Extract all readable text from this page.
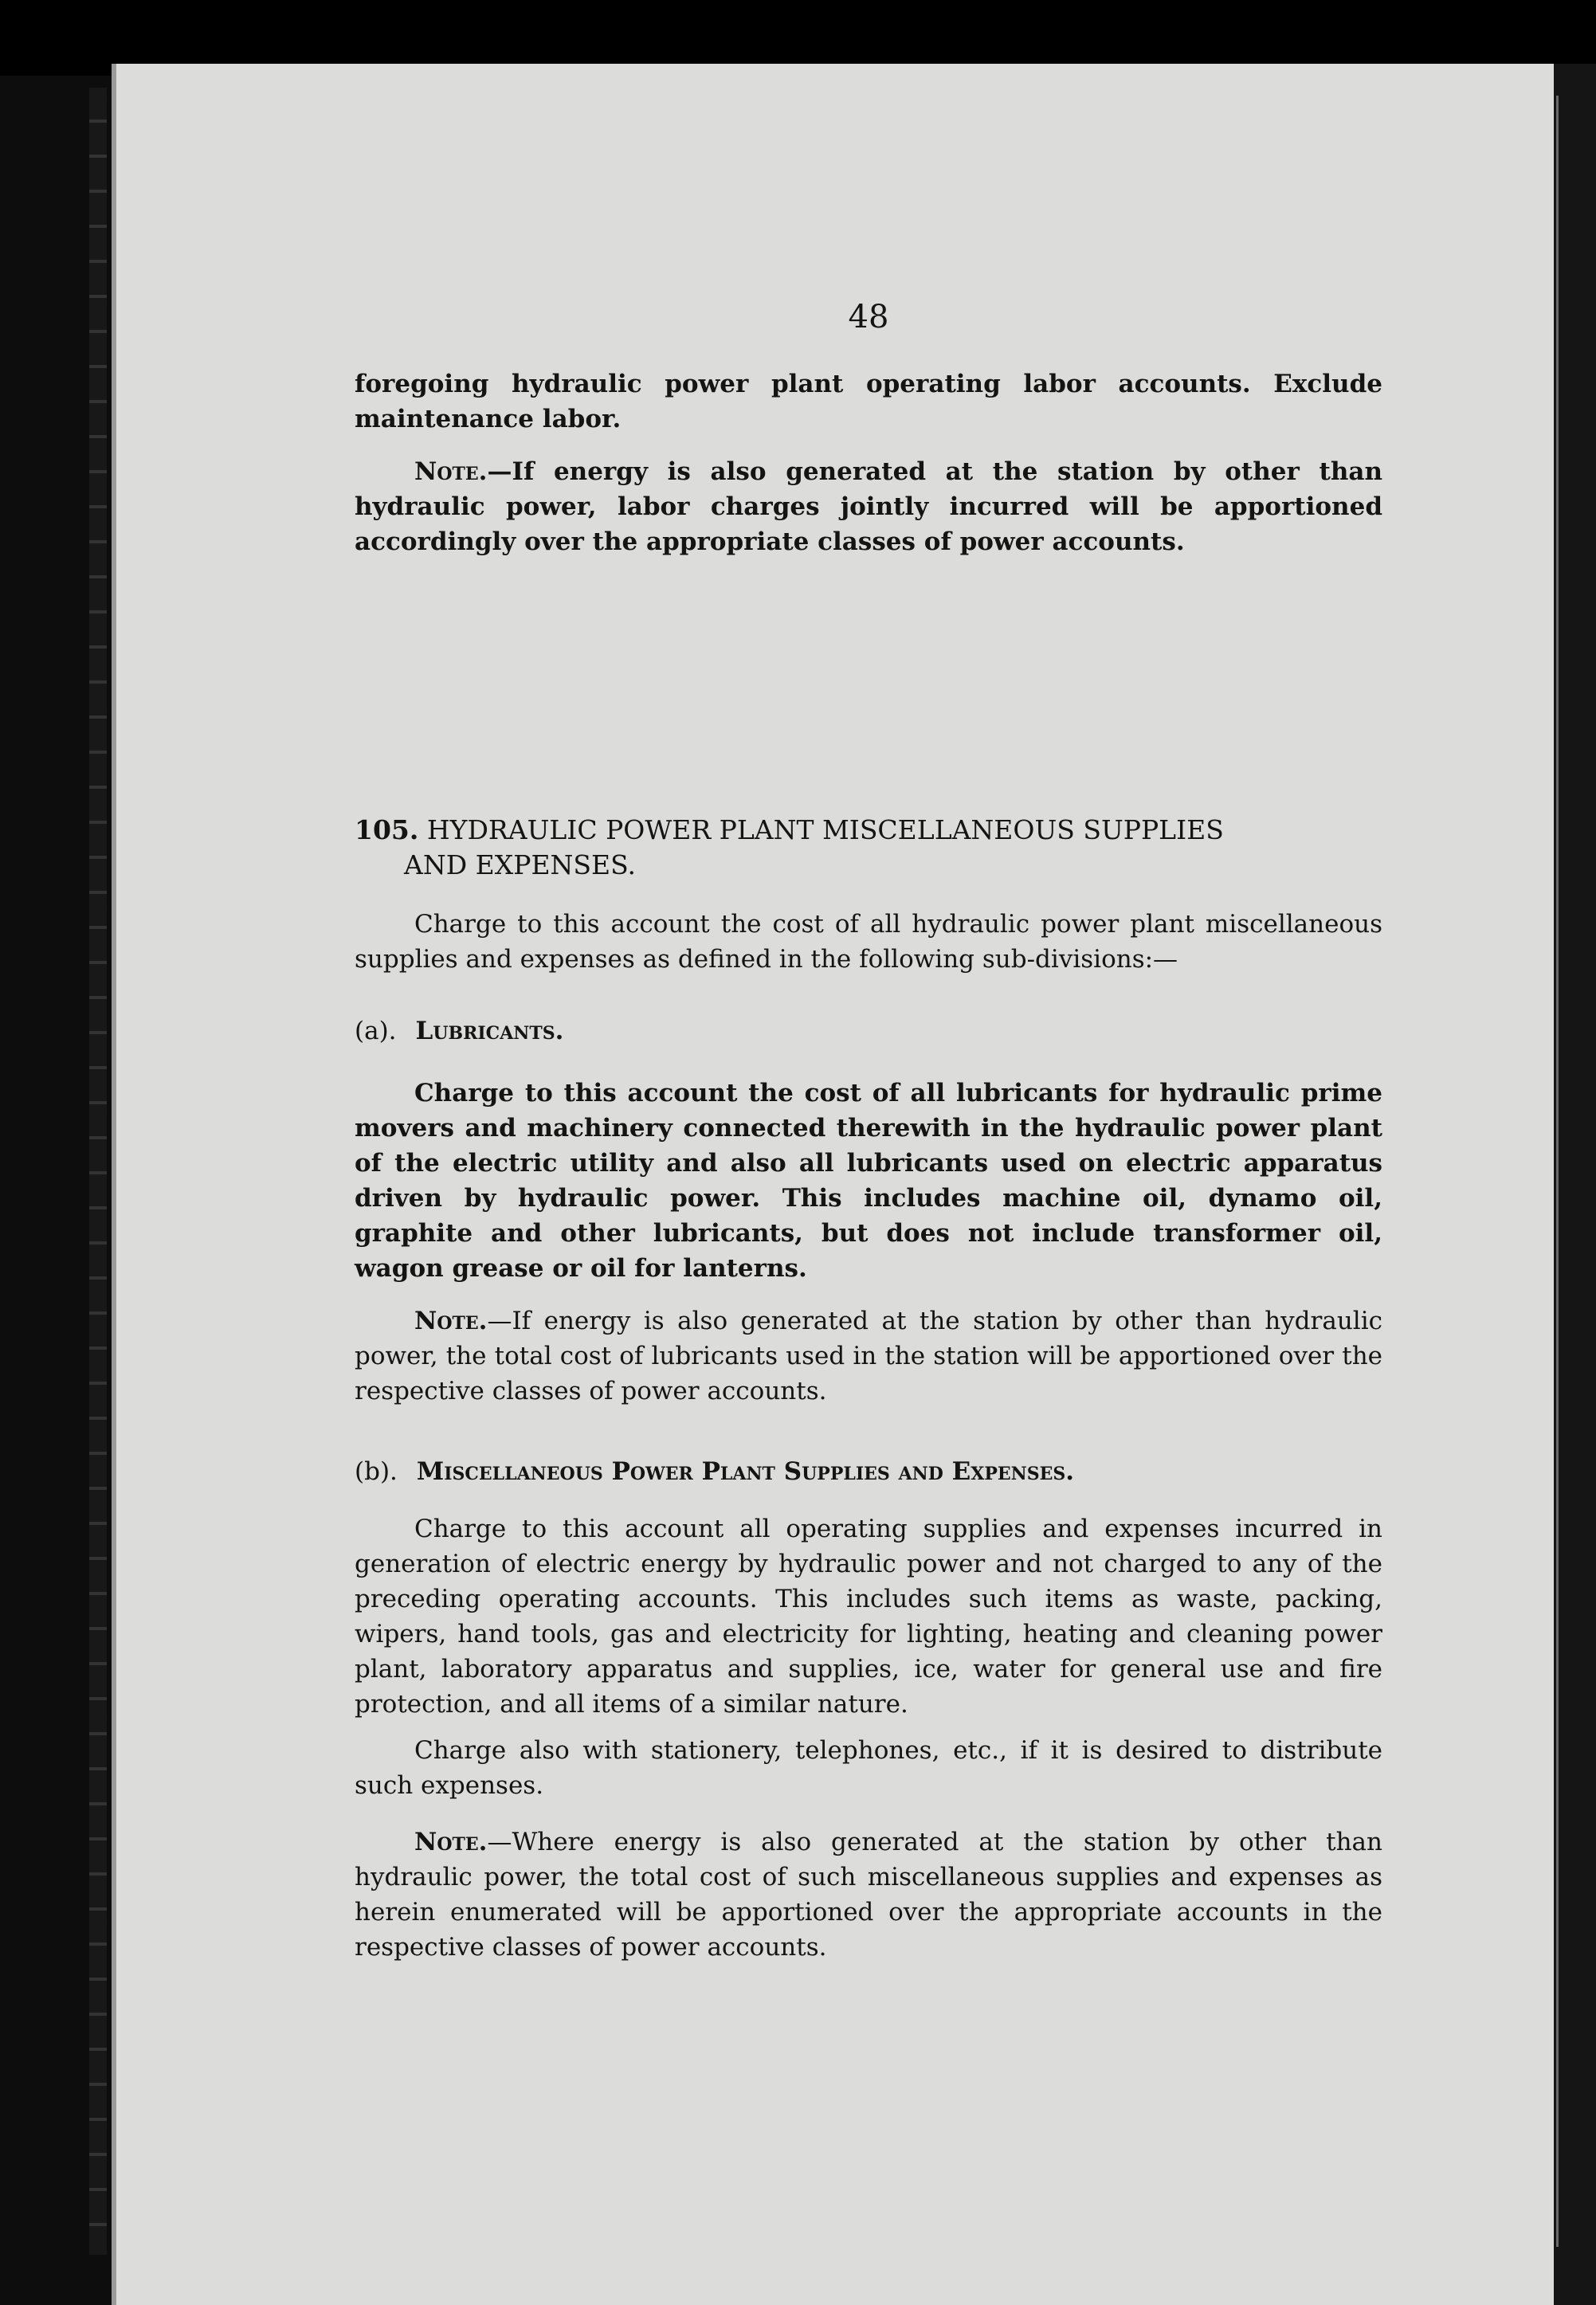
48

foregoing hydraulic power plant operating labor accounts. Exclude maintenance labor.

Note.—If energy is also generated at the station by other than hydraulic power, labor charges jointly incurred will be apportioned accordingly over the appropriate classes of power accounts.

105. HYDRAULIC POWER PLANT MISCELLANEOUS SUPPLIES
AND EXPENSES.

Charge to this account the cost of all hydraulic power plant miscellaneous supplies and expenses as defined in the following sub-divisions:—

(a). Lubricants.

Charge to this account the cost of all lubricants for hydraulic prime movers and machinery connected therewith in the hydraulic power plant of the electric utility and also all lubricants used on electric apparatus driven by hydraulic power. This includes machine oil, dynamo oil, graphite and other lubricants, but does not include transformer oil, wagon grease or oil for lanterns.

Note.—If energy is also generated at the station by other than hydraulic power, the total cost of lubricants used in the station will be apportioned over the respective classes of power accounts.

(b). Miscellaneous Power Plant Supplies and Expenses.

Charge to this account all operating supplies and expenses incurred in generation of electric energy by hydraulic power and not charged to any of the preceding operating accounts. This includes such items as waste, packing, wipers, hand tools, gas and electricity for lighting, heating and cleaning power plant, laboratory apparatus and supplies, ice, water for general use and fire protection, and all items of a similar nature.

Charge also with stationery, telephones, etc., if it is desired to distribute such expenses.

Note.—Where energy is also generated at the station by other than hydraulic power, the total cost of such miscellaneous supplies and expenses as herein enumerated will be apportioned over the appropriate accounts in the respective classes of power accounts.
